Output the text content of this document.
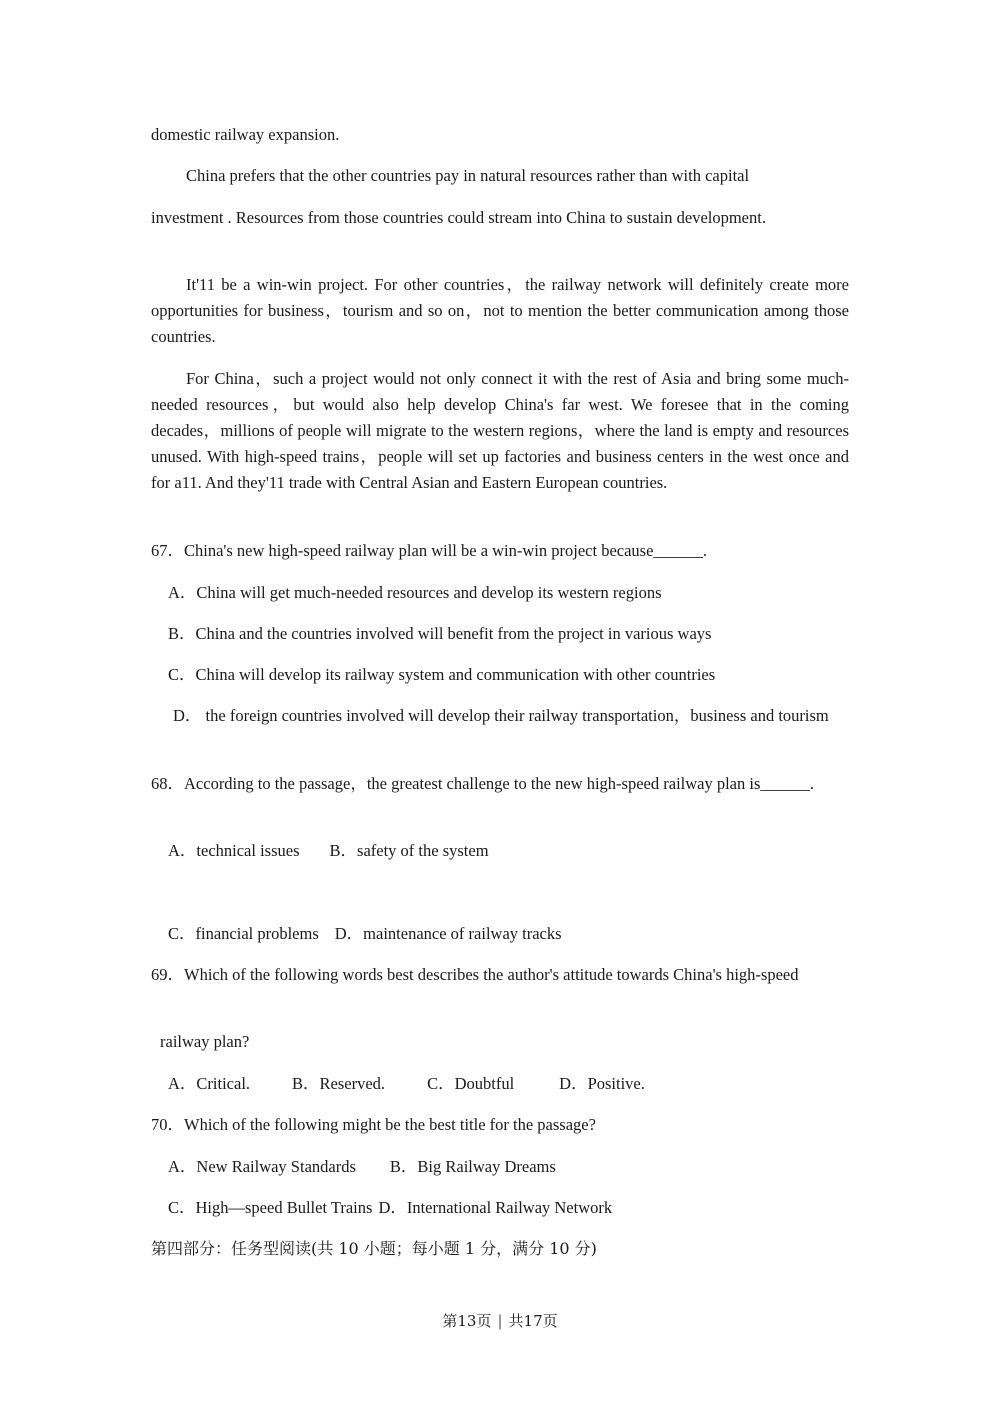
domestic railway expansion.

China prefers that the other countries pay in natural resources rather than with capital

investment . Resources from those countries could stream into China to sustain development.

It'11 be a win-win project. For other countries，the railway network will definitely create more opportunities for business，tourism and so on，not to mention the better communication among those countries.

For China，such a project would not only connect it with the rest of Asia and bring some much-needed resources，but would also help develop China's far west. We foresee that in the coming decades，millions of people will migrate to the western regions，where the land is empty and resources unused. With high-speed trains，people will set up factories and business centers in the west once and for a11. And they'11 trade with Central Asian and Eastern European countries.

67．China's new high-speed railway plan will be a win-win project because______.

A．China will get much-needed resources and develop its western regions

B．China and the countries involved will benefit from the project in various ways

C．China will develop its railway system and communication with other countries

D． the foreign countries involved will develop their railway transportation，business and tourism

68．According to the passage，the greatest challenge to the new high-speed railway plan is______.

A．technical issues B．safety of the system

C．financial problems D．maintenance of railway tracks

69．Which of the following words best describes the author's attitude towards China's high-speed

railway plan?

A．Critical.	B．Reserved.	C．Doubtful	D．Positive.

70．Which of the following might be the best title for the passage?

A．New Railway Standards B．Big Railway Dreams

C．High—speed Bullet Trains D．International Railway Network

第四部分：任务型阅读(共 10 小题；每小题 1 分，满分 10 分)

第13页 | 共17页
